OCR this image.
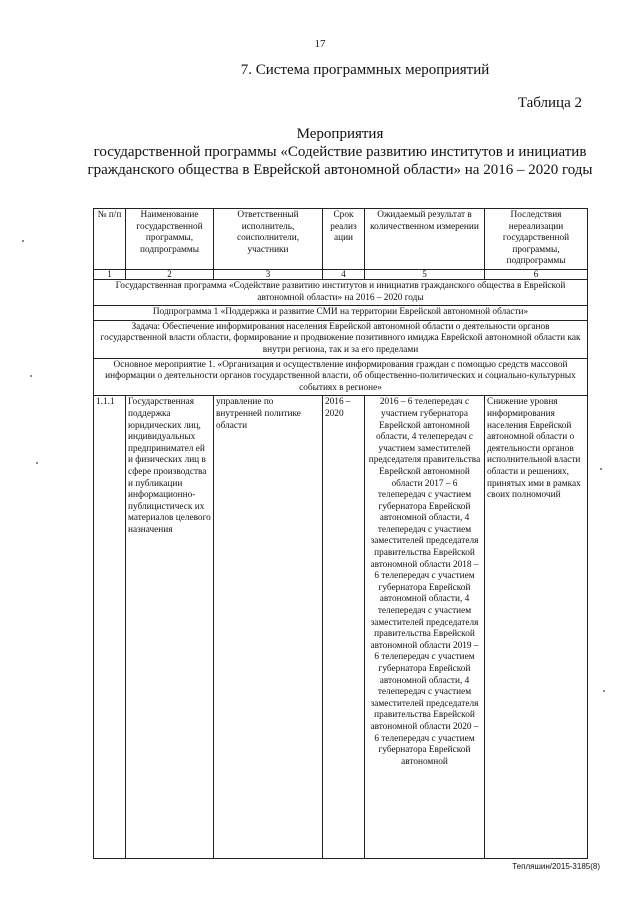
17
7. Система программных мероприятий
Таблица 2
Мероприятия
государственной программы «Содействие развитию институтов и инициатив гражданского общества в Еврейской автономной области» на 2016 – 2020 годы
№ п/п	Наименование государственной программы, подпрограммы	Ответственный исполнитель, соисполнители, участники	Срок реализ ации	Ожидаемый результат в количественном измерении	Последствия нереализации государственной программы, подпрограммы
1	2	3	4	5	6
Государственная программа «Содействие развитию институтов и инициатив гражданского общества в Еврейской автономной области» на 2016 – 2020 годы					
Подпрограмма 1 «Поддержка и развитие СМИ на территории Еврейской автономной области»					
Задача: Обеспечение информирования населения Еврейской автономной области о деятельности органов государственной власти области, формирование и продвижение позитивного имиджа Еврейской автономной области как внутри региона, так и за его пределами					
Основное мероприятие 1. «Организация и осуществление информирования граждан с помощью средств массовой информации о деятельности органов государственной власти, об общественно-политических и социально-культурных событиях в регионе»					
1.1.1	Государственная поддержка юридических лиц, индивидуальных предпринимател ей и физических лиц в сфере производства и публикации информационно-публицистическ их материалов целевого назначения	управление по внутренней политике области	2016 – 2020	2016 – 6 телепередач с участием губернатора Еврейской автономной области, 4 телепередач с участием заместителей председателя правительства Еврейской автономной области 2017 – 6 телепередач с участием губернатора Еврейской автономной области, 4 телепередач с участием заместителей председателя правительства Еврейской автономной области 2018 – 6 телепередач с участием губернатора Еврейской автономной области, 4 телепередач с участием заместителей председателя правительства Еврейской автономной области 2019 – 6 телепередач с участием губернатора Еврейской автономной области, 4 телепередач с участием заместителей председателя правительства Еврейской автономной области 2020 – 6 телепередач с участием губернатора Еврейской автономной	Снижение уровня информирования населения Еврейской автономной области о деятельности органов исполнительной власти области и решениях, принятых ими в рамках своих полномочий
Тепляшин/2015-3185(8)
